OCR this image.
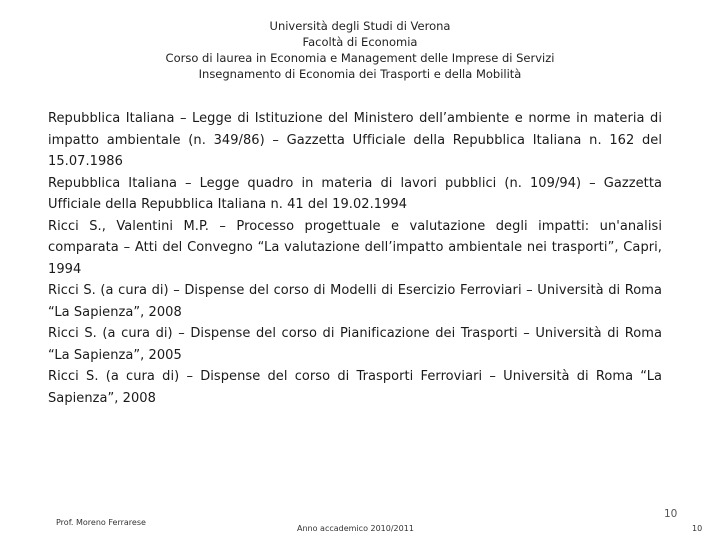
Università degli Studi di Verona
Facoltà di Economia
Corso di laurea in Economia e Management delle Imprese di Servizi
Insegnamento di Economia dei Trasporti e della Mobilità

Repubblica Italiana – Legge di Istituzione del Ministero dell’ambiente e norme in materia di impatto ambientale (n. 349/86) – Gazzetta Ufficiale della Repubblica Italiana n. 162 del 15.07.1986

Repubblica Italiana – Legge quadro in materia di lavori pubblici (n. 109/94) – Gazzetta Ufficiale della Repubblica Italiana n. 41 del 19.02.1994

Ricci S., Valentini M.P. – Processo progettuale e valutazione degli impatti: un'analisi comparata – Atti del Convegno “La valutazione dell’impatto ambientale nei trasporti”, Capri, 1994

Ricci S. (a cura di) – Dispense del corso di Modelli di Esercizio Ferroviari – Università di Roma “La Sapienza”, 2008

Ricci S. (a cura di) – Dispense del corso di Pianificazione dei Trasporti – Università di Roma “La Sapienza”, 2005

Ricci S. (a cura di) – Dispense del corso di Trasporti Ferroviari – Università di Roma “La Sapienza”, 2008

Prof. Moreno Ferrarese
Anno accademico 2010/2011
10
10
